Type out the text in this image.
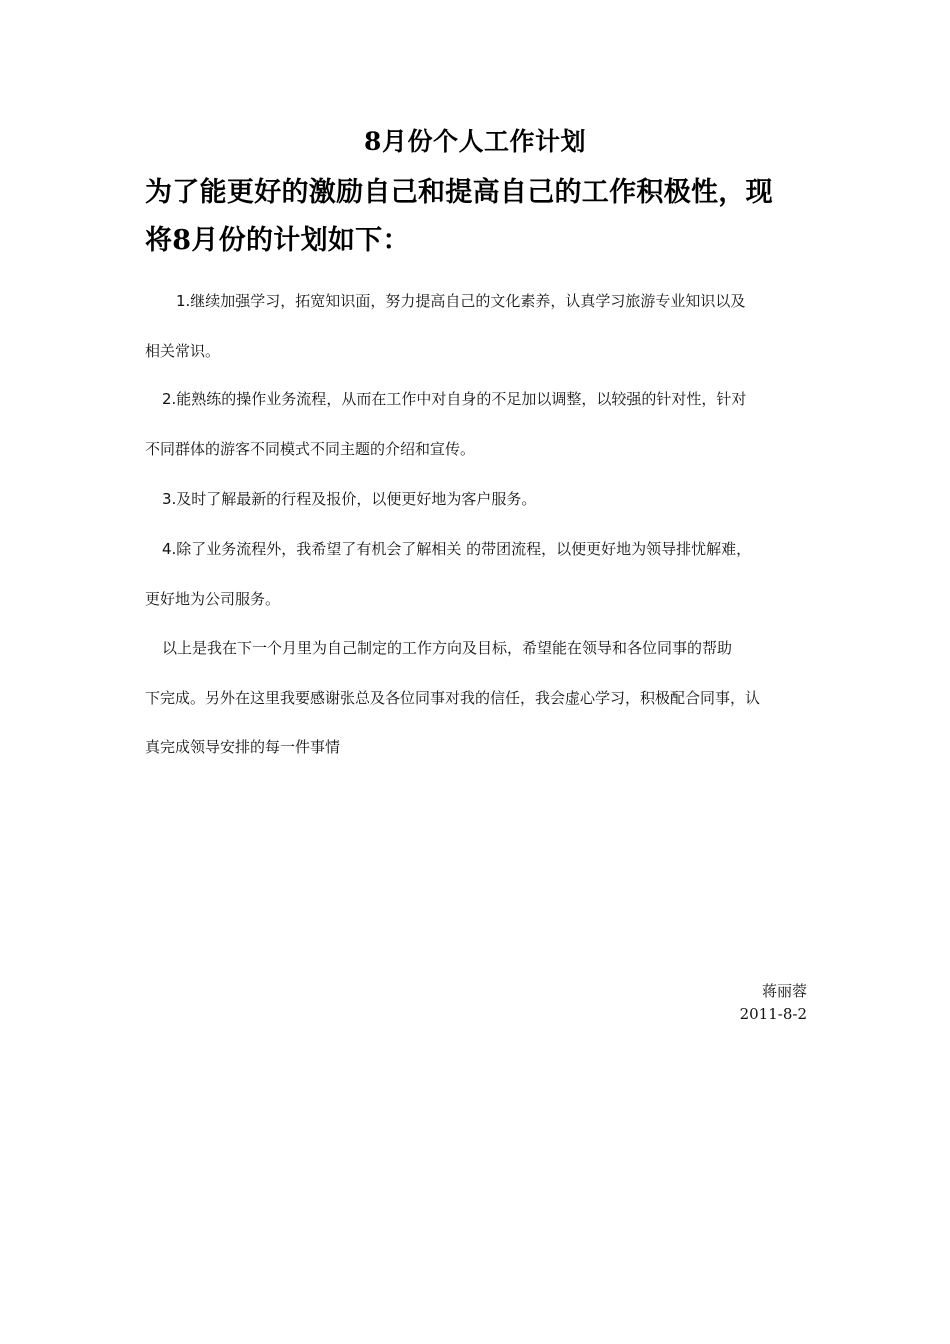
8月份个人工作计划
为了能更好的激励自己和提高自己的工作积极性，现
将8月份的计划如下：
1.继续加强学习，拓宽知识面，努力提高自己的文化素养，认真学习旅游专业知识以及
相关常识。
2.能熟练的操作业务流程，从而在工作中对自身的不足加以调整，以较强的针对性，针对
不同群体的游客不同模式不同主题的介绍和宣传。
3.及时了解最新的行程及报价，以便更好地为客户服务。
4.除了业务流程外，我希望了有机会了解相关 的带团流程，以便更好地为领导排忧解难，
更好地为公司服务。
以上是我在下一个月里为自己制定的工作方向及目标，希望能在领导和各位同事的帮助
下完成。另外在这里我要感谢张总及各位同事对我的信任，我会虚心学习，积极配合同事，认
真完成领导安排的每一件事情
蒋丽蓉
2011-8-2
